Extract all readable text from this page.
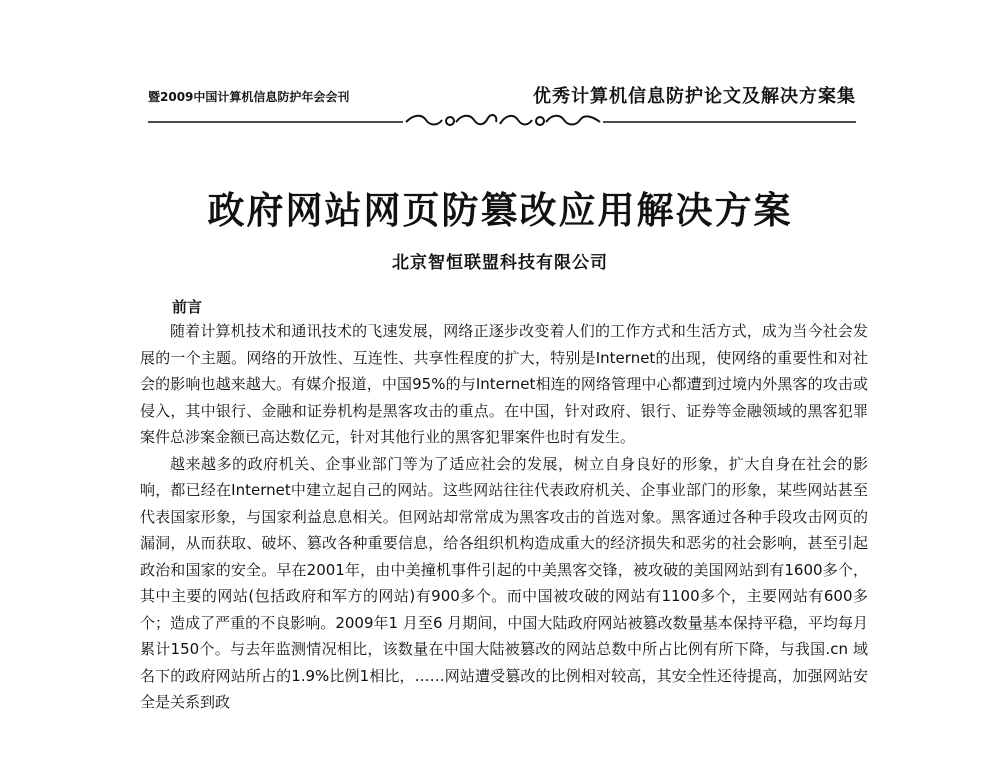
暨2009中国计算机信息防护年会会刊	优秀计算机信息防护论文及解决方案集
政府网站网页防篡改应用解决方案
北京智恒联盟科技有限公司
前言

随着计算机技术和通讯技术的飞速发展，网络正逐步改变着人们的工作方式和生活方式，成为当今社会发展的一个主题。网络的开放性、互连性、共享性程度的扩大，特别是Internet的出现，使网络的重要性和对社会的影响也越来越大。有媒介报道，中国95%的与Internet相连的网络管理中心都遭到过境内外黑客的攻击或侵入，其中银行、金融和证券机构是黑客攻击的重点。在中国，针对政府、银行、证券等金融领域的黑客犯罪案件总涉案金额已高达数亿元，针对其他行业的黑客犯罪案件也时有发生。

越来越多的政府机关、企事业部门等为了适应社会的发展，树立自身良好的形象，扩大自身在社会的影响，都已经在Internet中建立起自己的网站。这些网站往往代表政府机关、企事业部门的形象，某些网站甚至代表国家形象，与国家利益息息相关。但网站却常常成为黑客攻击的首选对象。黑客通过各种手段攻击网页的漏洞，从而获取、破坏、篡改各种重要信息，给各组织机构造成重大的经济损失和恶劣的社会影响，甚至引起政治和国家的安全。早在2001年，由中美撞机事件引起的中美黑客交锋，被攻破的美国网站到有1600多个，其中主要的网站(包括政府和军方的网站)有900多个。而中国被攻破的网站有1100多个，主要网站有600多个；造成了严重的不良影响。2009年1 月至6 月期间，中国大陆政府网站被篡改数量基本保持平稳，平均每月累计150个。与去年监测情况相比，该数量在中国大陆被篡改的网站总数中所占比例有所下降，与我国.cn 域名下的政府网站所占的1.9%比例1相比，……网站遭受篡改的比例相对较高，其安全性还待提高，加强网站安全是关系到政
